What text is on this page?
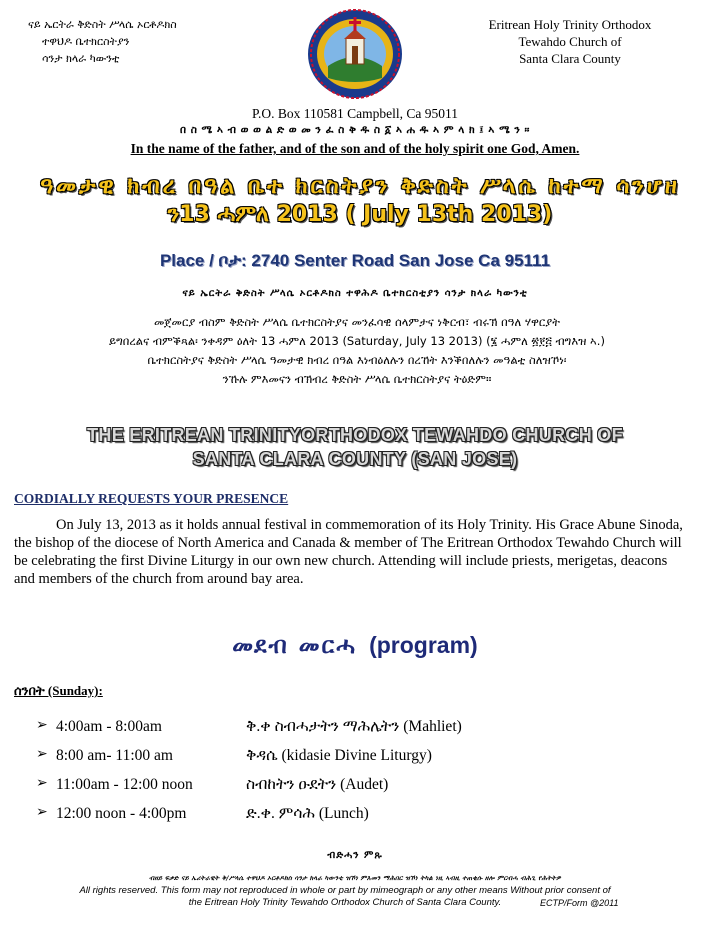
ናይ ኤርትራ ቅድስት ሥላሴ ኦርቶዶክስ
ተዋህዶ ቤተክርስትያን
ሳንታ ክላራ ካውንቲ
Eritrean Holy Trinity Orthodox
Tewahdo Church of
Santa Clara County
P.O. Box 110581 Campbell, Ca 95011
በ ስ ሜ ኣ ብ ወ ወ ል ድ ወ መ ን ፈ ስ ቅ ዱ ስ ፩ ኣ ሐ ዱ ኣ ም ላ ክ ፤ ኣ ሜ ን ።
In the name of the father, and of the son and of the holy spirit one God, Amen.
ዓመታዊ ክብረ በዓል ቤተ ክርስትያን ቅድስት ሥላሴ ከተማ ሳንሆዘ
ን13 ሓምለ 2013 ( July 13th 2013)
Place / ቦታ: 2740 Senter Road San Jose Ca 95111
ናይ ኤርትራ ቅድስት ሥላሴ ኦርቶዶክስ ተዋሕዶ ቤተክርስቲያን ሳንታ ክላራ ካውንቲ
መጀመርያ ብስም ቅድስት ሥላሴ ቤተክርስትያና መንፈሳዊ ሰላምታና ነቅርብ፣ ብሩኽ በዓለ ሃዋርያት
ይግበረልና ብምቕጻል፡ ንቀዳም ዕለት 13 ሓምለ 2013 (Saturday, July 13 2013) (፮ ሓምለ ፳፻፭ ብግእዝ ኣ.)
ቤተክርስትያና ቅድስት ሥላሴ ዓመታዊ ክብረ በዓል እነብዕለሉን በረኸት እንቕበለሉን መዓልቲ ስለዝኾነ፡
ንኹሉ ምእመናን ብኽብረ ቅድስት ሥላሴ ቤተክርስትያና ትዕድም።
THE ERITREAN TRINITYORTHODOX TEWAHDO CHURCH OF
SANTA CLARA COUNTY (SAN JOSE)
CORDIALLY REQUESTS YOUR PRESENCE
On July 13, 2013 as it holds annual festival in commemoration of its Holy Trinity. His Grace Abune Sinoda, the bishop of the diocese of North America and Canada & member of The Eritrean Orthodox Tewahdo Church will be celebrating the first Divine Liturgy in our own new church. Attending will include priests, merigetas, deacons and members of the church from around bay area.
መደብ መርሓ (program)
ሰንበት (Sunday):
➢ 4:00am - 8:00am	ቅ.ቀ ስብሓታትን ማሕሌትን (Mahliet)
➢ 8:00 am- 11:00 am	ቅዳሴ (kidasie Divine Liturgy)
➢ 11:00am - 12:00 noon	ስብከትን ዑደትን (Audet)
➢ 12:00 noon - 4:00pm	ድ.ቀ. ምሳሕ (Lunch)
ብድሓን ምጹ
ብዘይ ፍቃድ ናይ ኤሪትራዊት ቅ/ሥላሴ ተዋህዶ ኦርቶዶክስ ሳንታ ክላራ ካውንቲ ዝኾነ ምእመን ማሕበር ዝኾነ ትካል ነዚ ኣብዚ ተጠቂሱ ዘሎ ምርብሓ ብሕጊ የሕትትዎ
All rights reserved. This form may not reproduced in whole or part by mimeograph or any other means Without prior consent of
the Eritrean Holy Trinity Tewahdo Orthodox Church of Santa Clara County.	ECTP/Form @2011
